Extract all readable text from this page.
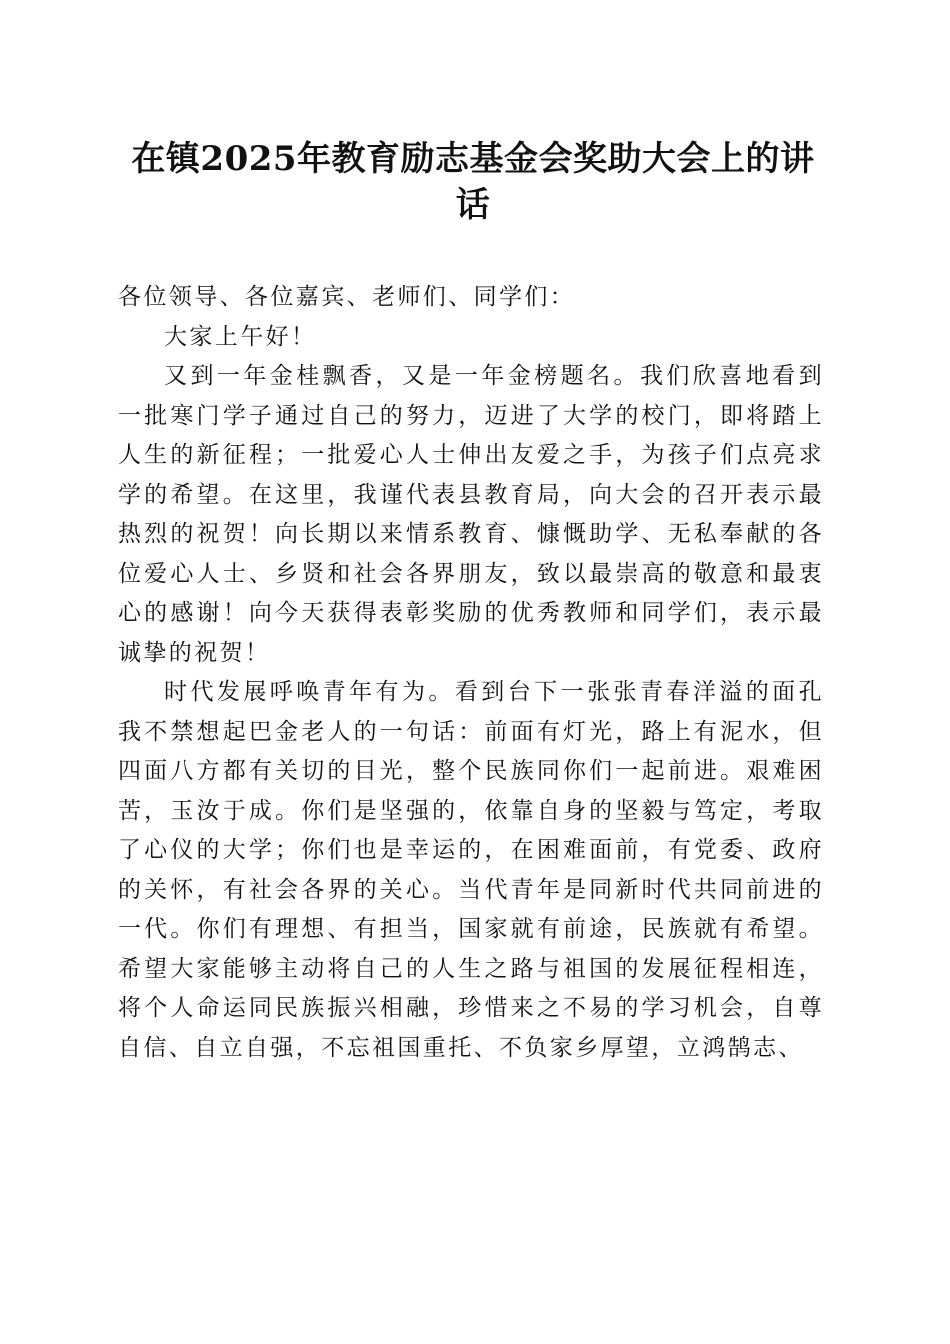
在镇2025年教育励志基金会奖助大会上的讲话

各位领导、各位嘉宾、老师们、同学们：

大家上午好！

又到一年金桂飘香，又是一年金榜题名。我们欣喜地看到一批寒门学子通过自己的努力，迈进了大学的校门，即将踏上人生的新征程；一批爱心人士伸出友爱之手，为孩子们点亮求学的希望。在这里，我谨代表县教育局，向大会的召开表示最热烈的祝贺！向长期以来情系教育、慷慨助学、无私奉献的各位爱心人士、乡贤和社会各界朋友，致以最崇高的敬意和最衷心的感谢！向今天获得表彰奖励的优秀教师和同学们，表示最诚挚的祝贺！

时代发展呼唤青年有为。看到台下一张张青春洋溢的面孔我不禁想起巴金老人的一句话：前面有灯光，路上有泥水，但四面八方都有关切的目光，整个民族同你们一起前进。艰难困苦，玉汝于成。你们是坚强的，依靠自身的坚毅与笃定，考取了心仪的大学；你们也是幸运的，在困难面前，有党委、政府的关怀，有社会各界的关心。当代青年是同新时代共同前进的一代。你们有理想、有担当，国家就有前途，民族就有希望。希望大家能够主动将自己的人生之路与祖国的发展征程相连，将个人命运同民族振兴相融，珍惜来之不易的学习机会，自尊自信、自立自强，不忘祖国重托、不负家乡厚望，立鸿鹄志、
